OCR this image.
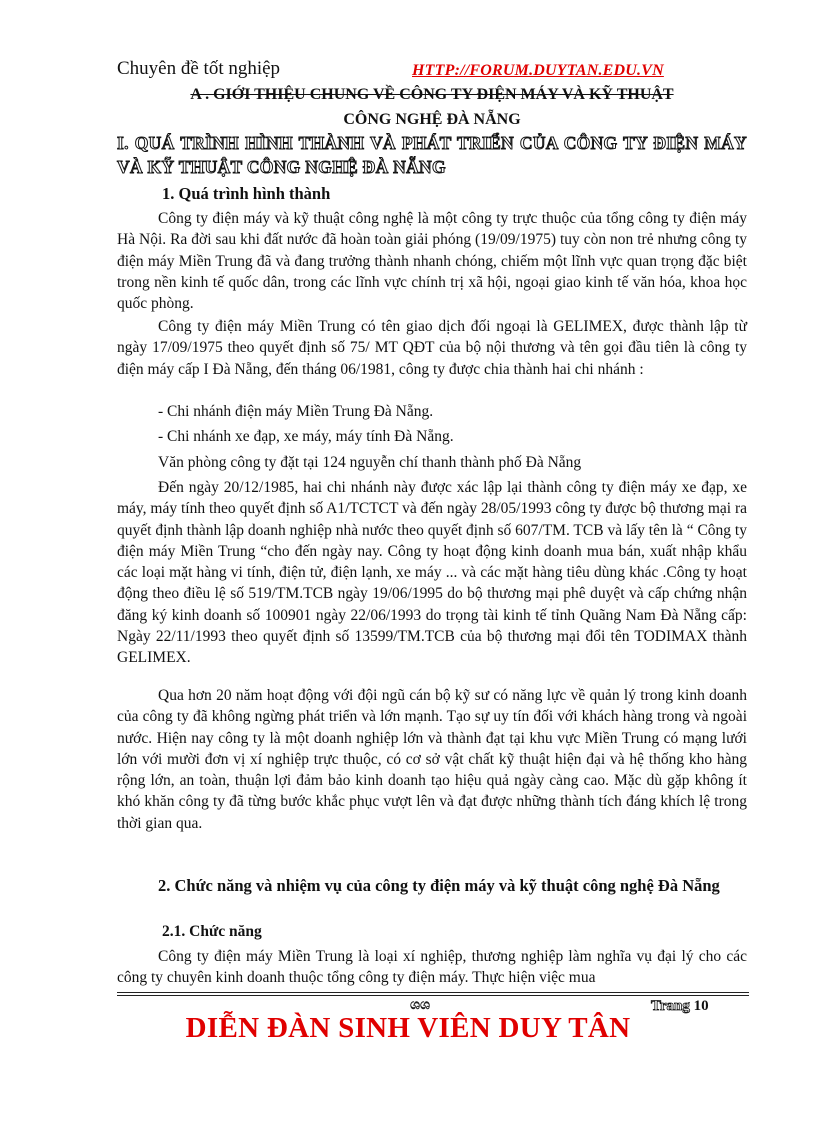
Chuyên đề tốt nghiệp	HTTP://FORUM.DUYTAN.EDU.VN
A . GIỚI THIỆU CHUNG VỀ CÔNG TY ĐIỆN MÁY VÀ KỸ THUẬT
CÔNG NGHỆ ĐÀ NẴNG
I. QUÁ TRÌNH HÌNH THÀNH VÀ PHÁT TRIỂN CỦA CÔNG TY ĐIỆN MÁY VÀ KỸ THUẬT CÔNG NGHỆ ĐÀ NẴNG
1. Quá trình hình thành

Công ty điện máy và kỹ thuật công nghệ là một công ty trực thuộc của tổng công ty điện máy Hà Nội. Ra đời sau khi đất nước đã hoàn toàn giải phóng (19/09/1975) tuy còn non trẻ nhưng công ty điện máy Miền Trung đã và đang trưởng thành nhanh chóng, chiếm một lĩnh vực quan trọng đặc biệt trong nền kinh tế quốc dân, trong các lĩnh vực chính trị xã hội, ngoại giao kinh tế văn hóa, khoa học quốc phòng.

Công ty điện máy Miền Trung có tên giao dịch đối ngoại là GELIMEX, được thành lập từ ngày 17/09/1975 theo quyết định số 75/ MT QĐT của bộ nội thương và tên gọi đầu tiên là công ty điện máy cấp I Đà Nẵng, đến tháng 06/1981, công ty được chia thành hai chi nhánh :

- Chi nhánh điện máy Miền Trung Đà Nẵng.
- Chi nhánh xe đạp, xe máy, máy tính Đà Nẵng.
Văn phòng công ty đặt tại 124 nguyễn chí thanh thành phố Đà Nẵng

Đến ngày 20/12/1985, hai chi nhánh này được xác lập lại thành công ty điện máy xe đạp, xe máy, máy tính theo quyết định số A1/TCTCT và đến ngày 28/05/1993 công ty được bộ thương mại ra quyết định thành lập doanh nghiệp nhà nước theo quyết định số 607/TM. TCB và lấy tên là “ Công ty điện máy Miền Trung “cho đến ngày nay. Công ty hoạt động kinh doanh mua bán, xuất nhập khẩu các loại mặt hàng vi tính, điện tử, điện lạnh, xe máy ... và các mặt hàng tiêu dùng khác .Công ty hoạt động theo điều lệ số 519/TM.TCB ngày 19/06/1995 do bộ thương mại phê duyệt và cấp chứng nhận đăng ký kinh doanh số 100901 ngày 22/06/1993 do trọng tài kinh tế tỉnh Quãng Nam Đà Nẵng cấp: Ngày 22/11/1993 theo quyết định số 13599/TM.TCB của bộ thương mại đổi tên TODIMAX thành GELIMEX.

Qua hơn 20 năm hoạt động với đội ngũ cán bộ kỹ sư có năng lực về quản lý trong kinh doanh của công ty đã không ngừng phát triển và lớn mạnh. Tạo sự uy tín đối với khách hàng trong và ngoài nước. Hiện nay công ty là một doanh nghiệp lớn và thành đạt tại khu vực Miền Trung có mạng lưới lớn với mười đơn vị xí nghiệp trực thuộc, có cơ sở vật chất kỹ thuật hiện đại và hệ thống kho hàng rộng lớn, an toàn, thuận lợi đảm bảo kinh doanh tạo hiệu quả ngày càng cao. Mặc dù gặp không ít khó khăn công ty đã từng bước khắc phục vượt lên và đạt được những thành tích đáng khích lệ trong thời gian qua.

2. Chức năng và nhiệm vụ của công ty điện máy và kỹ thuật công nghệ Đà Nẵng
2.1. Chức năng

Công ty điện máy Miền Trung là loại xí nghiệp, thương nghiệp làm nghĩa vụ đại lý cho các công ty chuyên kinh doanh thuộc tổng công ty điện máy. Thực hiện việc mua

ශශ	Trang 10
DIỄN ĐÀN SINH VIÊN DUY TÂN
